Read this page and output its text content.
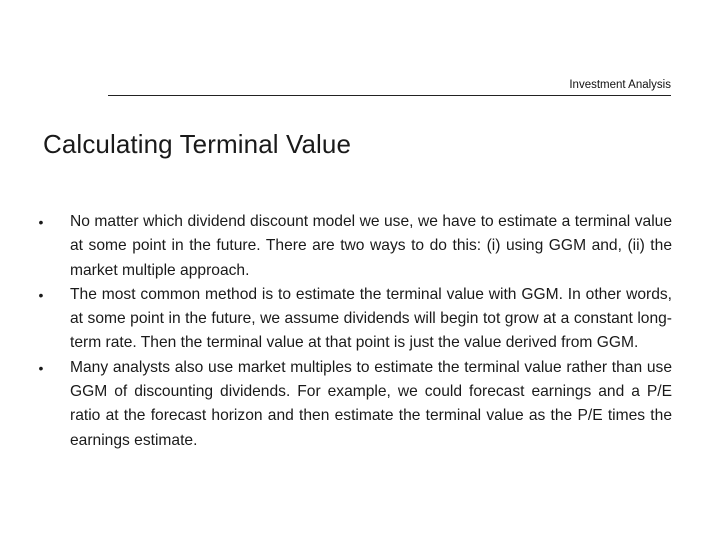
Investment Analysis
Calculating Terminal Value
• No matter which dividend discount model we use, we have to estimate a terminal value at some point in the future. There are two ways to do this: (i) using GGM and, (ii) the market multiple approach.
• The most common method is to estimate the terminal value with GGM. In other words, at some point in the future, we assume dividends will begin tot grow at a constant long-term rate. Then the terminal value at that point is just the value derived from GGM.
• Many analysts also use market multiples to estimate the terminal value rather than use GGM of discounting dividends. For example, we could forecast earnings and a P/E ratio at the forecast horizon and then estimate the terminal value as the P/E times the earnings estimate.
